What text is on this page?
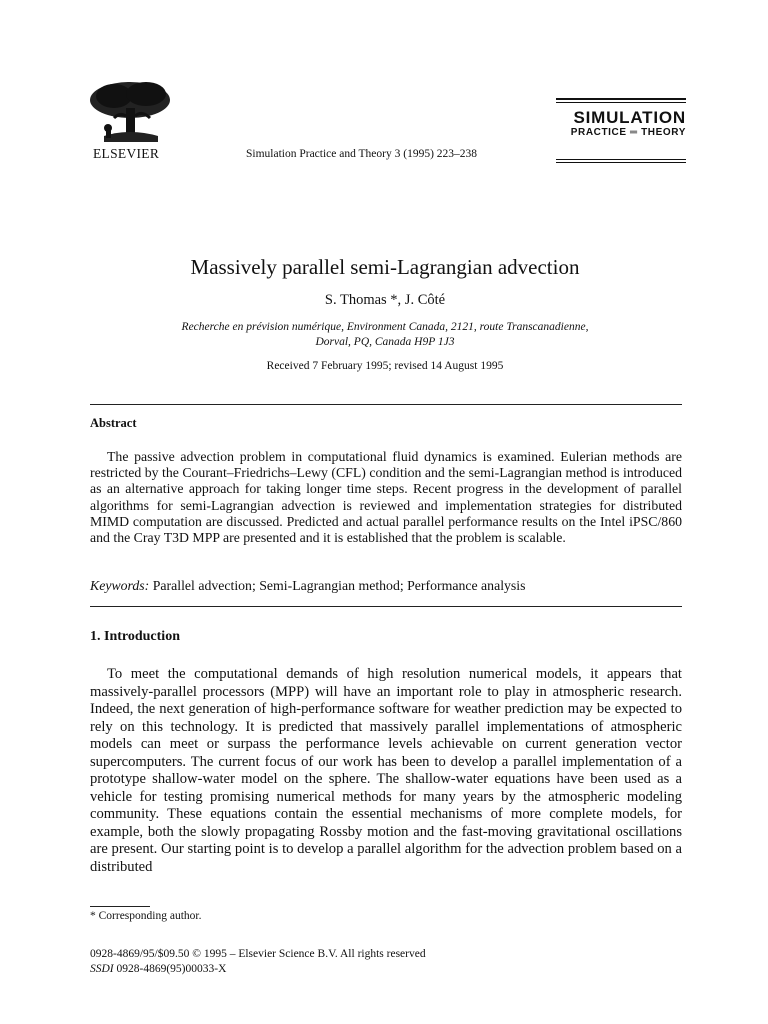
ELSEVIER	Simulation Practice and Theory 3 (1995) 223–238
SIMULATION
PRACTICE ═ THEORY
Massively parallel semi-Lagrangian advection
S. Thomas *, J. Côté
Recherche en prévision numérique, Environment Canada, 2121, route Transcanadienne,
Dorval, PQ, Canada H9P 1J3
Received 7 February 1995; revised 14 August 1995
Abstract

The passive advection problem in computational fluid dynamics is examined. Eulerian methods are restricted by the Courant–Friedrichs–Lewy (CFL) condition and the semi-Lagrangian method is introduced as an alternative approach for taking longer time steps. Recent progress in the development of parallel algorithms for semi-Lagrangian advection is reviewed and implementation strategies for distributed MIMD computation are discussed. Predicted and actual parallel performance results on the Intel iPSC/860 and the Cray T3D MPP are presented and it is established that the problem is scalable.

Keywords: Parallel advection; Semi-Lagrangian method; Performance analysis
1. Introduction

To meet the computational demands of high resolution numerical models, it appears that massively-parallel processors (MPP) will have an important role to play in atmospheric research. Indeed, the next generation of high-performance software for weather prediction may be expected to rely on this technology. It is predicted that massively parallel implementations of atmospheric models can meet or surpass the performance levels achievable on current generation vector supercomputers. The current focus of our work has been to develop a parallel implementation of a prototype shallow-water model on the sphere. The shallow-water equations have been used as a vehicle for testing promising numerical methods for many years by the atmospheric modeling community. These equations contain the essential mechanisms of more complete models, for example, both the slowly propagating Rossby motion and the fast-moving gravitational oscillations are present. Our starting point is to develop a parallel algorithm for the advection problem based on a distributed

* Corresponding author.
0928-4869/95/$09.50 © 1995 – Elsevier Science B.V. All rights reserved
SSDI 0928-4869(95)00033-X
